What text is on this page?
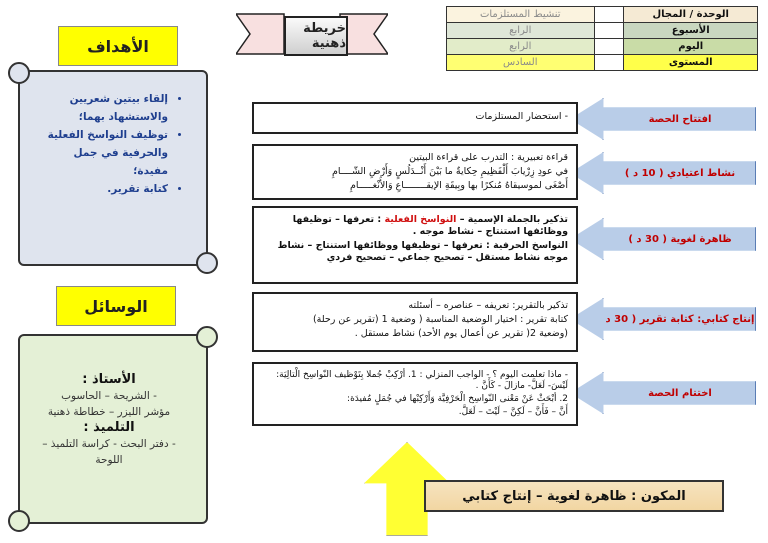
خريطة ذهنية
الوحدة / المجال		تنشيط المستلزمات
الأسبوع		الرابع
اليوم		الرابع
المستوى		السادس
الأهداف
• إلقاء بيتين شعريين والاستشهاد بهما؛
• توظيف النواسخ الفعلية والحرفية في جمل مفيدة؛
• كتابة تقرير.
الوسائل
الأستاذ :
- الشريحة – الحاسوب
مؤشر الليزر – خطاطة ذهنية
التلميذ :
- دفتر البحث - كراسة التلميذ –
اللوحة
افتتاح الحصة
نشاط اعتيادي ( 10 د )
ظاهرة لغوية ( 30 د )
إنتاج كتابي: كتابة تقرير ( 30 د
اختتام الحصة

- استحضار المستلزمات

قراءة تعبيرية : التدرب على قراءة البيتين

في عودِ زِرْيابَ أَلْفَظِيمِ حِكايةٌ ما بَيْنَ أَنْــدَلُسٍ وَأَرْضِ الشّــــامِ

أَصْغَى لموسيقاهُ مُنكرًا بها وبِيقَةِ الإيقــــــــاعِ وَالأَنْغـــــامِ

تذكير بالجملة الإسمية – النواسخ الفعلية : تعرفها – توظيفها ووظائفها استنتاج – نشاط موجه .

النواسخ الحرفية : تعرفها – توظيفها ووظائفها استنتاج – نشاط موجه نشاط مستقل – تصحيح جماعي – تصحيح فردي

تذكير بالتقرير: تعريفه – عناصره – أسئلته

كتابة تقرير : اختيار الوضعية المناسبة ( وضعية 1 (تقرير عن رحلة)

(وضعية 2( تقرير عن أعمال يوم الأحد) نشاط مستقل .

- ماذا تعلمت اليوم ؟ - الواجب المنزلي : 1. أرْكِبْ جُملا بِتَوْظيف النّواسِخ الْتالِيَة: لَيْسَ- لَعَلَّ- مازالَ - كَأَنَّ .

2. أبْحَثْ عَنْ مَعْنى النّواسِخ الْحَرْفِيَّة وَأَرْكِبْها في جُمَلٍ مُفيدَة:

أَنَّ – فَأَنَّ – لَكِنَّ – لَيْتَ – لَعَلَّ.

المكون : ظاهرة لغوية – إنتاج كتابي
